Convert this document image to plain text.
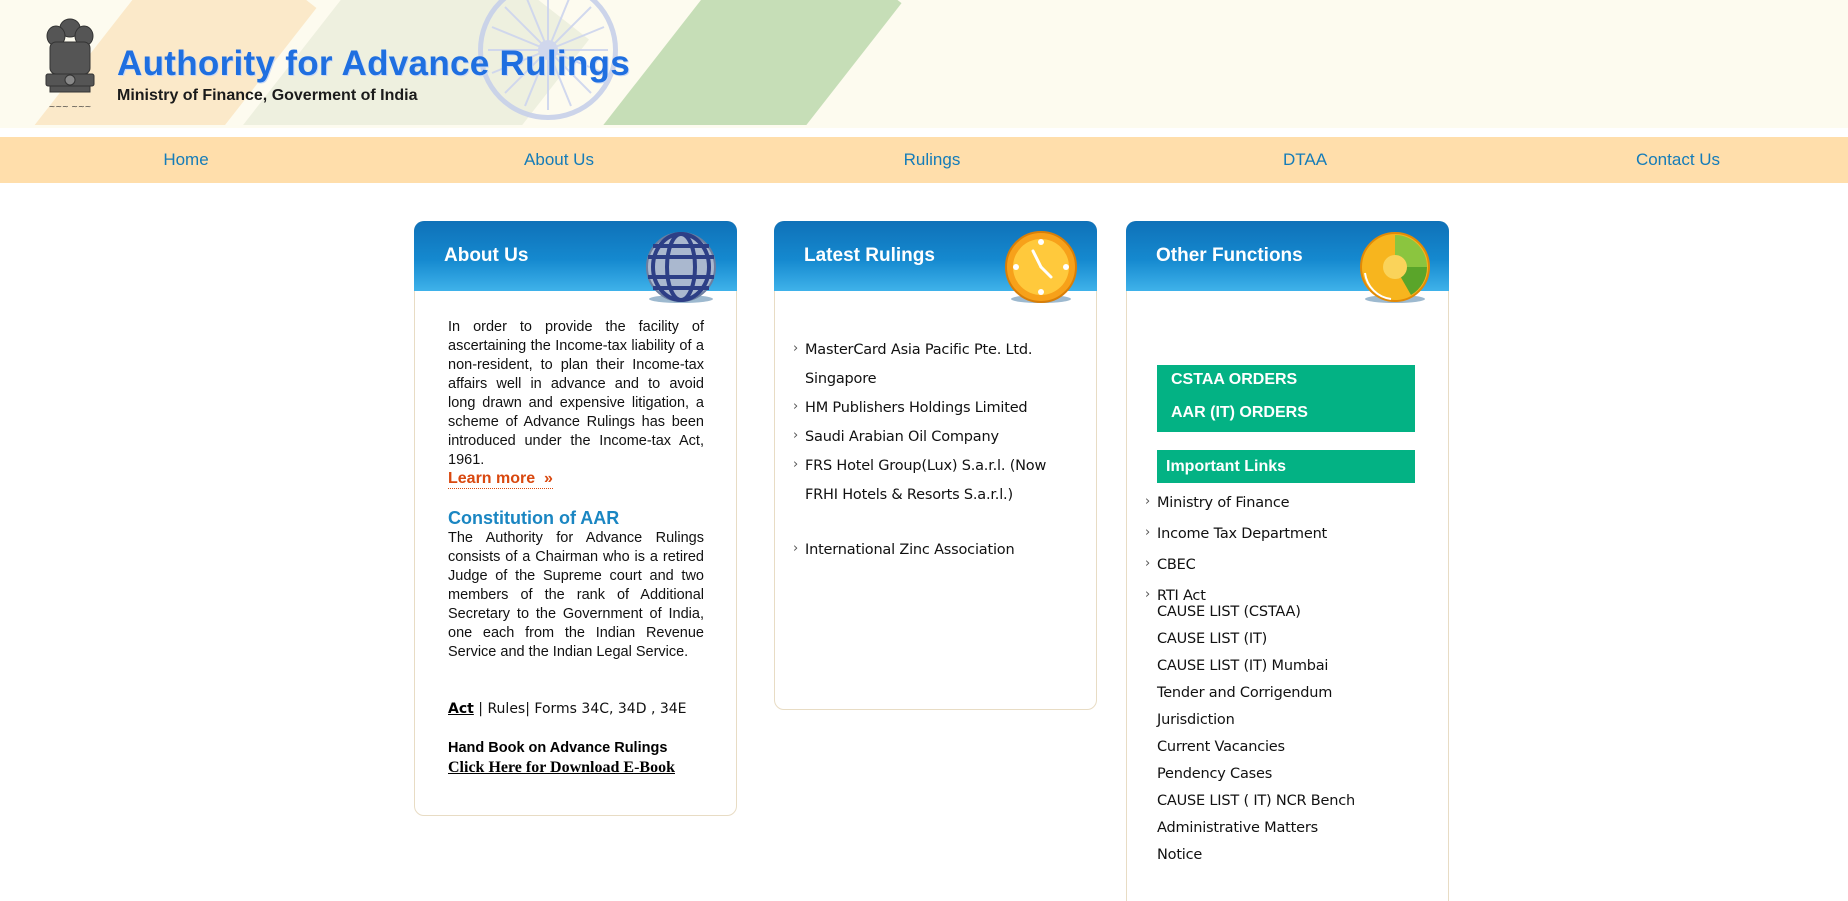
~~~ ~~~
Authority for Advance Rulings
Ministry of Finance, Goverment of India
Home	About Us	Rulings	DTAA	Contact Us
About Us
In order to provide the facility of ascertaining the Income-tax liability of a non-resident, to plan their Income-tax affairs well in advance and to avoid long drawn and expensive litigation, a scheme of Advance Rulings has been introduced under the Income-tax Act, 1961.
Learn more  »
Constitution of AAR
The Authority for Advance Rulings consists of a Chairman who is a retired Judge of the Supreme court and two members of the rank of Additional Secretary to the Government of India, one each from the Indian Revenue Service and the Indian Legal Service.
Act | Rules| Forms 34C, 34D , 34E
Hand Book on Advance Rulings
Click Here for Download E-Book
Latest Rulings
› MasterCard Asia Pacific Pte. Ltd.
Singapore
› HM Publishers Holdings Limited
› Saudi Arabian Oil Company
› FRS Hotel Group(Lux) S.a.r.l. (Now
FRHI Hotels & Resorts S.a.r.l.)
› International Zinc Association
Other Functions
CSTAA ORDERS
AAR (IT) ORDERS
Important Links
› Ministry of Finance
› Income Tax Department
› CBEC
› RTI Act
CAUSE LIST (CSTAA)
CAUSE LIST (IT)
CAUSE LIST (IT) Mumbai
Tender and Corrigendum
Jurisdiction
Current Vacancies
Pendency Cases
CAUSE LIST ( IT) NCR Bench
Administrative Matters
Notice
